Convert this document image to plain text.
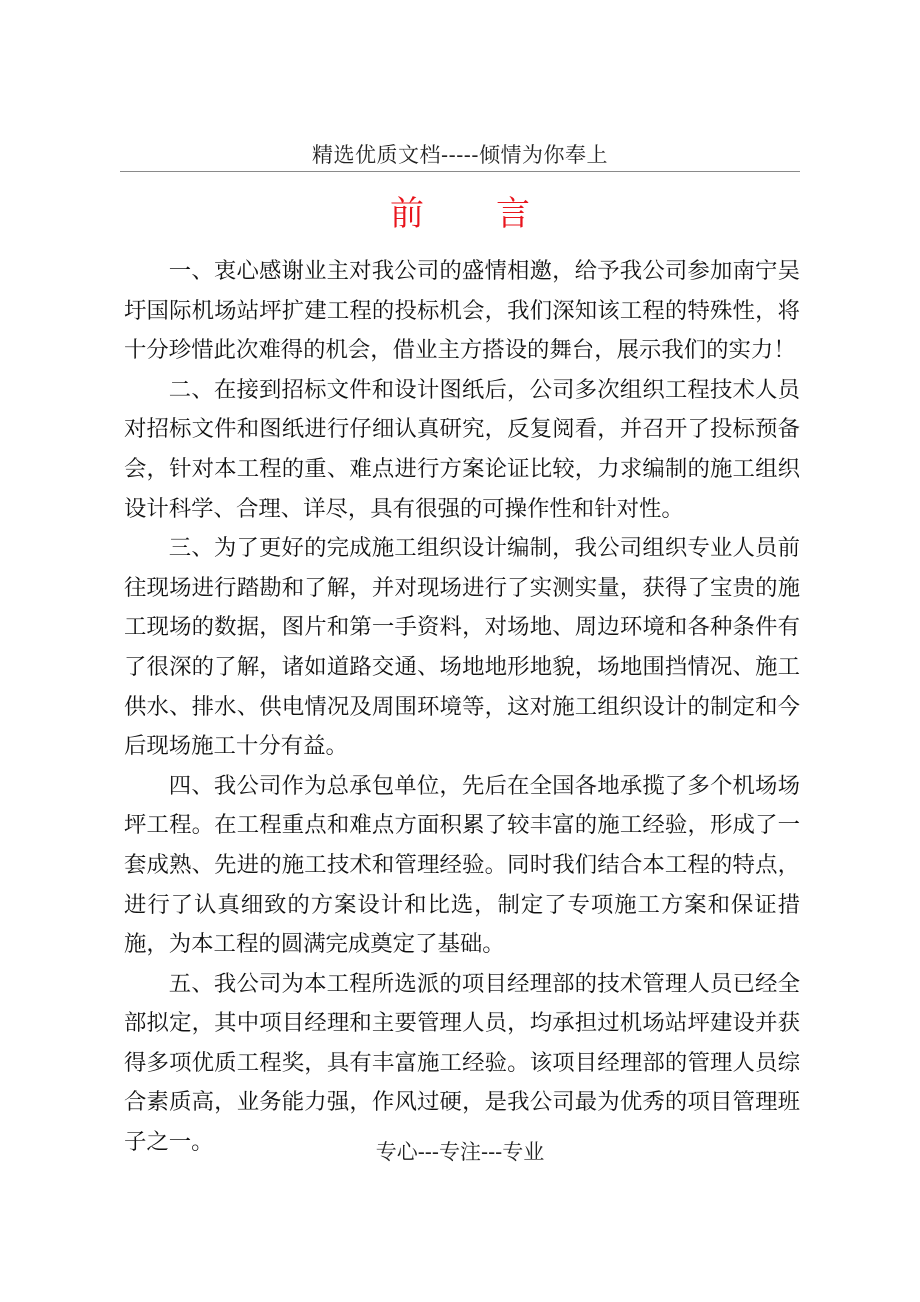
精选优质文档-----倾情为你奉上
前言

一、衷心感谢业主对我公司的盛情相邀，给予我公司参加南宁吴圩国际机场站坪扩建工程的投标机会，我们深知该工程的特殊性，将十分珍惜此次难得的机会，借业主方搭设的舞台，展示我们的实力！

二、在接到招标文件和设计图纸后，公司多次组织工程技术人员对招标文件和图纸进行仔细认真研究，反复阅看，并召开了投标预备会，针对本工程的重、难点进行方案论证比较，力求编制的施工组织设计科学、合理、详尽，具有很强的可操作性和针对性。

三、为了更好的完成施工组织设计编制，我公司组织专业人员前往现场进行踏勘和了解，并对现场进行了实测实量，获得了宝贵的施工现场的数据，图片和第一手资料，对场地、周边环境和各种条件有了很深的了解，诸如道路交通、场地地形地貌，场地围挡情况、施工供水、排水、供电情况及周围环境等，这对施工组织设计的制定和今后现场施工十分有益。

四、我公司作为总承包单位，先后在全国各地承揽了多个机场场坪工程。在工程重点和难点方面积累了较丰富的施工经验，形成了一套成熟、先进的施工技术和管理经验。同时我们结合本工程的特点，进行了认真细致的方案设计和比选，制定了专项施工方案和保证措施，为本工程的圆满完成奠定了基础。

五、我公司为本工程所选派的项目经理部的技术管理人员已经全部拟定，其中项目经理和主要管理人员，均承担过机场站坪建设并获得多项优质工程奖，具有丰富施工经验。该项目经理部的管理人员综合素质高，业务能力强，作风过硬，是我公司最为优秀的项目管理班子之一。	专心---专注---专业
